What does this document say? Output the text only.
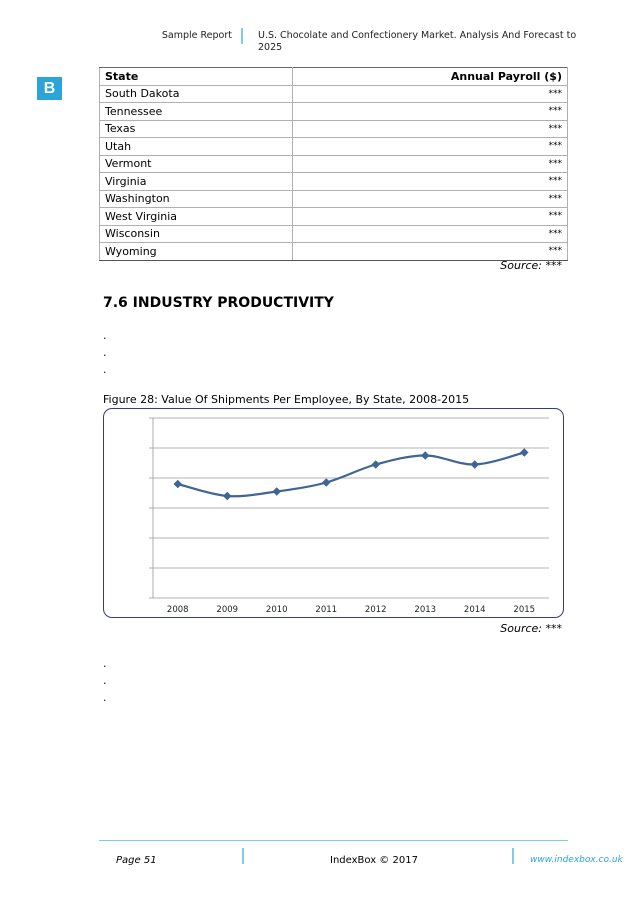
Sample Report	U.S. Chocolate and Confectionery Market. Analysis And Forecast to 2025
B
State	Annual Payroll ($)
South Dakota	***
Tennessee	***
Texas	***
Utah	***
Vermont	***
Virginia	***
Washington	***
West Virginia	***
Wisconsin	***
Wyoming	***
Source: ***
7.6 INDUSTRY PRODUCTIVITY
.
.
.
Figure 28: Value Of Shipments Per Employee, By State, 2008-2015
2008	2009	2010	2011	2012	2013	2014	2015
Source: ***
.
.
.
Page 51	IndexBox © 2017	www.indexbox.co.uk
